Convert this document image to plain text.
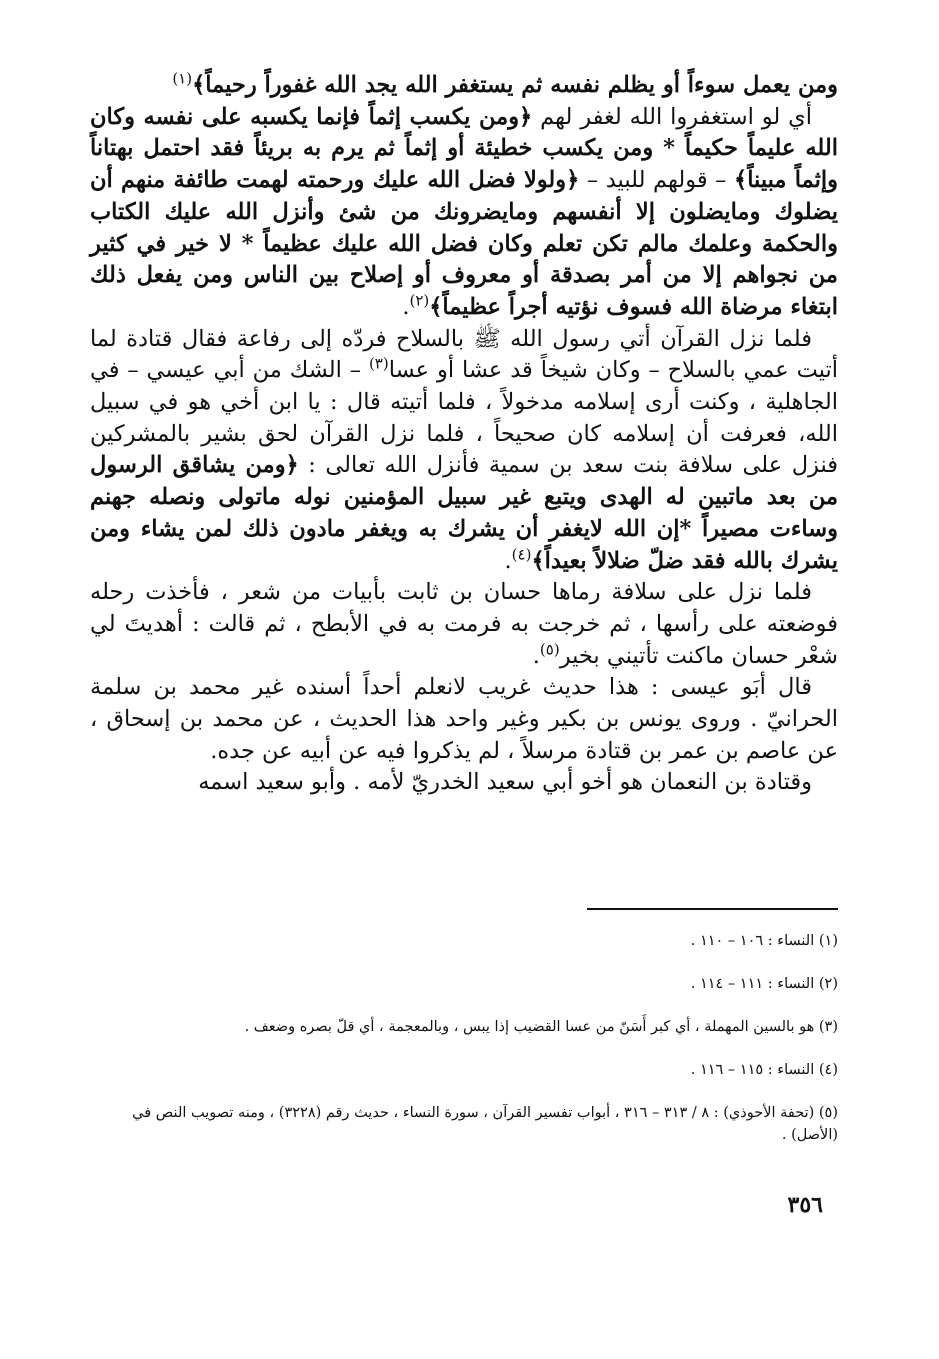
ومن يعمل سوءاً أو يظلم نفسه ثم يستغفر الله يجد الله غفوراً رحيماً﴾$^{(١)}$

أي لو استغفروا الله لغفر لهم ﴿ومن يكسب إثماً فإنما يكسبه على نفسه وكان الله عليماً حكيماً * ومن يكسب خطيئة أو إثماً ثم يرم به بريئاً فقد احتمل بهتاناً وإثماً مبيناً﴾ – قولهم للبيد – ﴿ولولا فضل الله عليك ورحمته لهمت طائفة منهم أن يضلوك ومايضلون إلا أنفسهم ومايضرونك من شئ وأنزل الله عليك الكتاب والحكمة وعلمك مالم تكن تعلم وكان فضل الله عليك عظيماً * لا خير في كثير من نجواهم إلا من أمر بصدقة أو معروف أو إصلاح بين الناس ومن يفعل ذلك ابتغاء مرضاة الله فسوف نؤتيه أجراً عظيماً﴾$^{(٢)}$.

فلما نزل القرآن أتي رسول الله ﷺ بالسلاح فردّه إلى رفاعة فقال قتادة لما أتيت عمي بالسلاح – وكان شيخاً قد عشا أو عسا$^{(٣)}$ – الشك من أبي عيسي – في الجاهلية ، وكنت أرى إسلامه مدخولاً ، فلما أتيته قال : يا ابن أخي هو في سبيل الله، فعرفت أن إسلامه كان صحيحاً ، فلما نزل القرآن لحق بشير بالمشركين فنزل على سلافة بنت سعد بن سمية فأنزل الله تعالى : ﴿ومن يشاقق الرسول من بعد ماتبين له الهدى ويتبع غير سبيل المؤمنين نوله ماتولى ونصله جهنم وساءت مصيراً *إن الله لايغفر أن يشرك به ويغفر مادون ذلك لمن يشاء ومن يشرك بالله فقد ضلّ ضلالاً بعيداً﴾$^{(٤)}$.

فلما نزل على سلافة رماها حسان بن ثابت بأبيات من شعر ، فأخذت رحله فوضعته على رأسها ، ثم خرجت به فرمت به في الأبطح ، ثم قالت : أهديتَ لي شعْر حسان ماكنت تأتيني بخير$^{(٥)}$.

قال أبَو عيسى : هذا حديث غريب لانعلم أحداً أسنده غير محمد بن سلمة الحرانيّ . وروى يونس بن بكير وغير واحد هذا الحديث ، عن محمد بن إسحاق ، عن عاصم بن عمر بن قتادة مرسلاً ، لم يذكروا فيه عن أبيه عن جده.

وقتادة بن النعمان هو أخو أبي سعيد الخدريّ لأمه . وأبو سعيد اسمه

(١) النساء : ١٠٦ – ١١٠ .

(٢) النساء : ١١١ – ١١٤ .

(٣) هو بالسين المهملة ، أي كبر أَسَنّ من عسا القضيب إذا يبس ، وبالمعجمة ، أي قلّ بصره وضعف .

(٤) النساء : ١١٥ – ١١٦ .

(٥) (تحفة الأحوذي) : ٨ / ٣١٣ – ٣١٦ ، أبواب تفسير القرآن ، سورة النساء ، حديث رقم (٣٢٢٨) ، ومنه تصويب النص في (الأصل) .

٣٥٦
